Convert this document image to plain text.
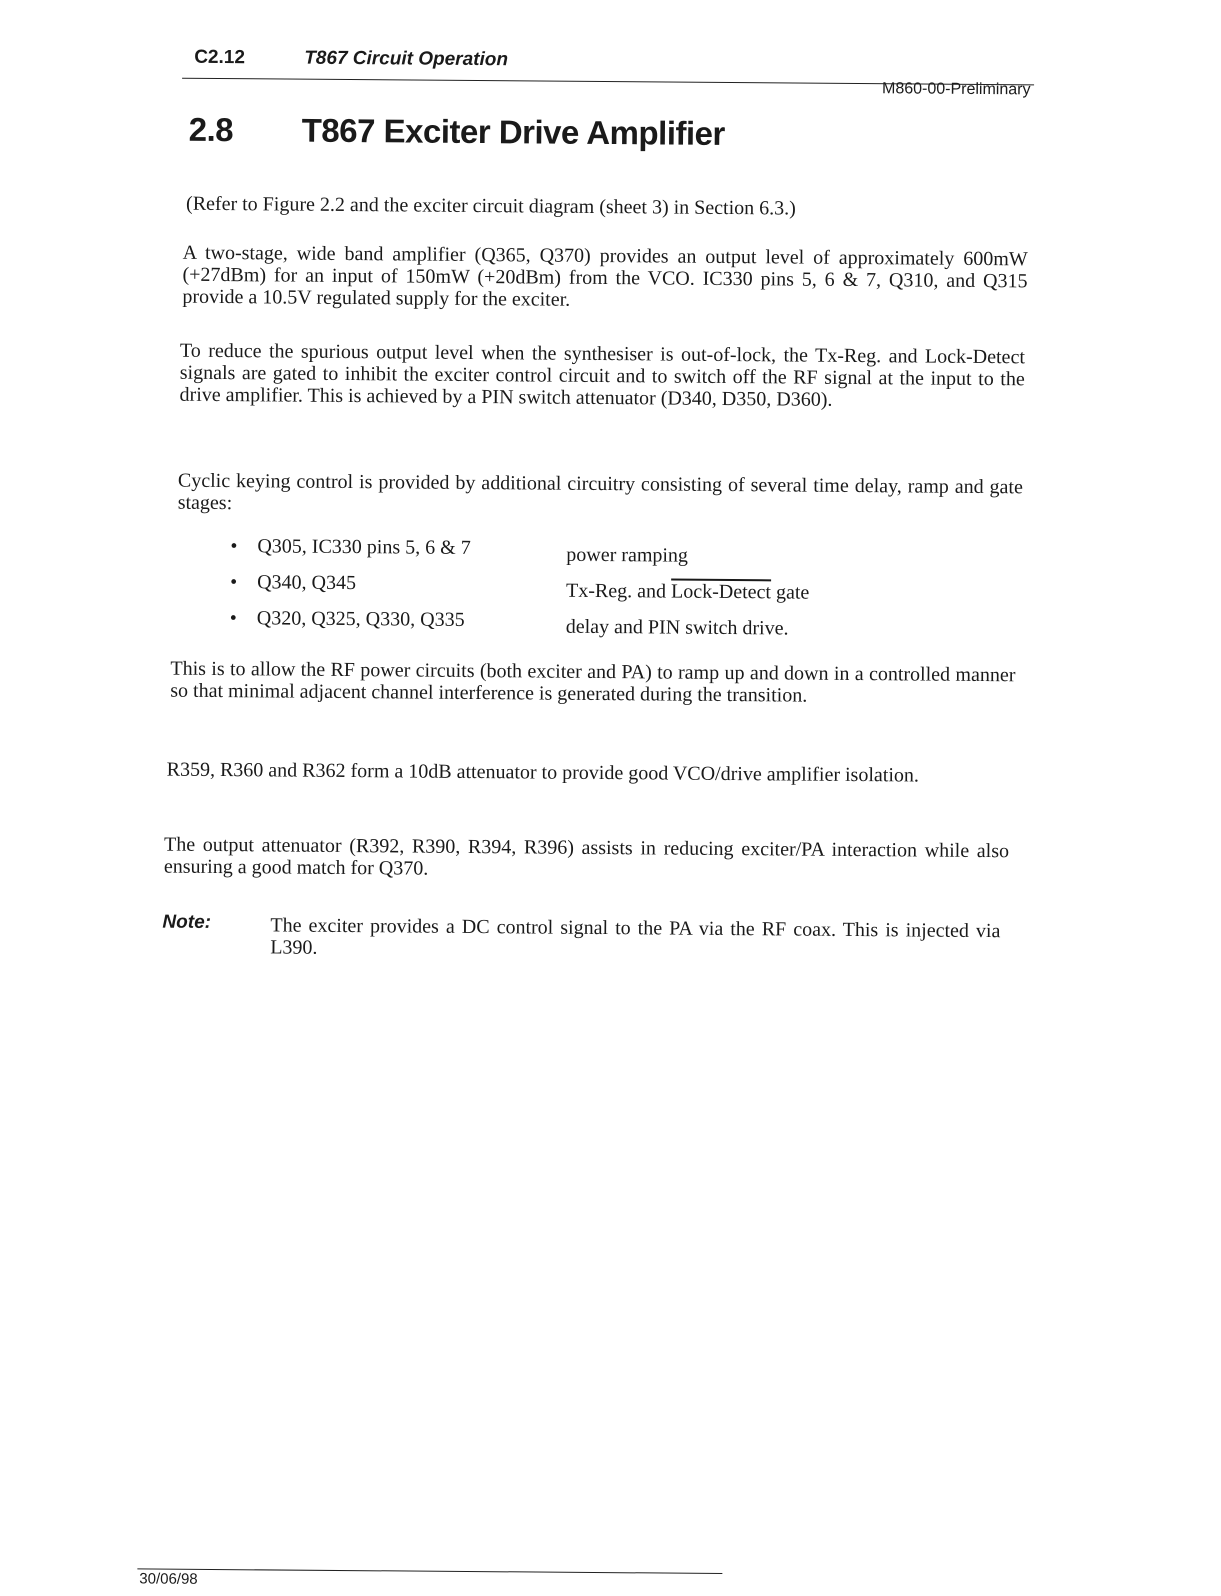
C2.12	T867 Circuit Operation
M860-00-Preliminary
2.8 T867 Exciter Drive Amplifier

(Refer to Figure 2.2 and the exciter circuit diagram (sheet 3) in Section 6.3.)

A two-stage, wide band amplifier (Q365, Q370) provides an output level of approximately 600mW (+27dBm) for an input of 150mW (+20dBm) from the VCO. IC330 pins 5, 6 & 7, Q310, and Q315 provide a 10.5V regulated supply for the exciter.

To reduce the spurious output level when the synthesiser is out-of-lock, the Tx-Reg. and Lock-Detect signals are gated to inhibit the exciter control circuit and to switch off the RF signal at the input to the drive amplifier. This is achieved by a PIN switch attenuator (D340, D350, D360).

Cyclic keying control is provided by additional circuitry consisting of several time delay, ramp and gate stages:

• Q305, IC330 pins 5, 6 & 7	power ramping
• Q340, Q345	Tx-Reg. and Lock-Detect gate
• Q320, Q325, Q330, Q335	delay and PIN switch drive.

This is to allow the RF power circuits (both exciter and PA) to ramp up and down in a controlled manner so that minimal adjacent channel interference is generated during the transition.

R359, R360 and R362 form a 10dB attenuator to provide good VCO/drive amplifier isolation.

The output attenuator (R392, R390, R394, R396) assists in reducing exciter/PA interaction while also ensuring a good match for Q370.

Note:	The exciter provides a DC control signal to the PA via the RF coax. This is injected via L390.

30/06/98
